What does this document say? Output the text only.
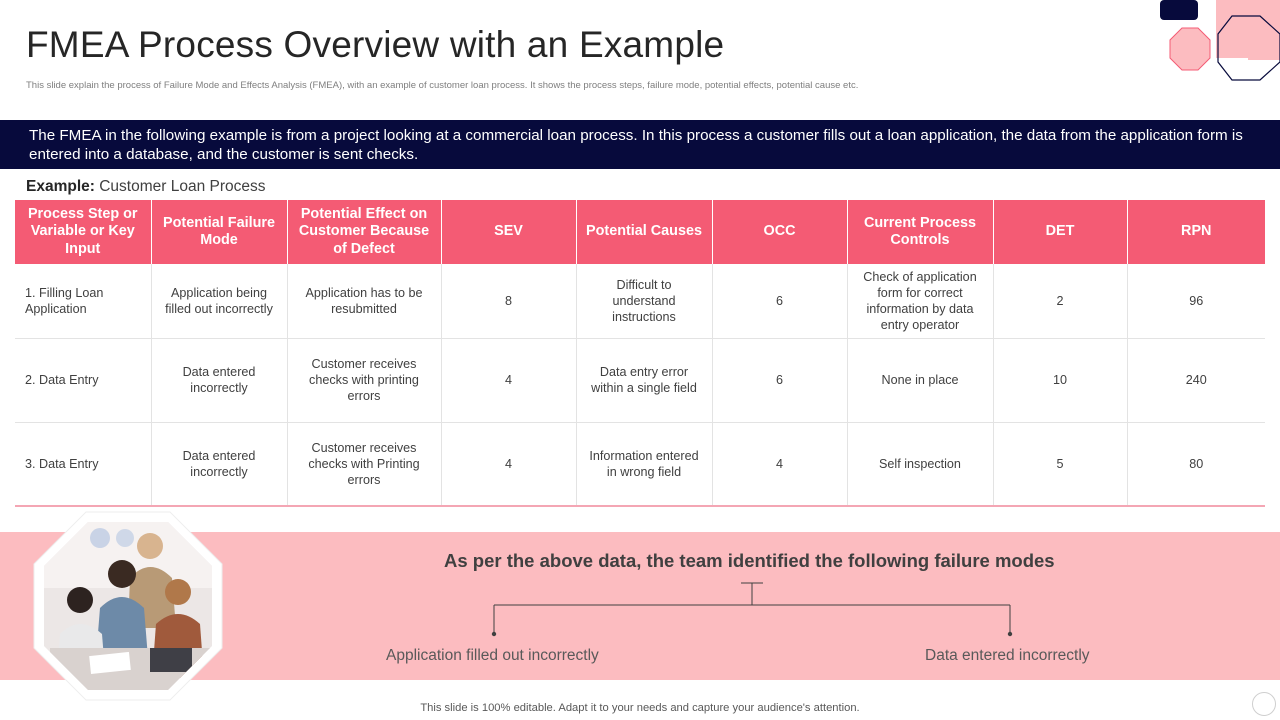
FMEA Process Overview with an Example

This slide explain the process of Failure Mode and Effects Analysis (FMEA), with an example of customer loan process. It shows the process steps, failure mode, potential effects, potential cause etc.

The FMEA in the following example is from a project looking at a commercial loan process. In this process a customer fills out a loan application, the data from the application form is entered into a database, and the customer is sent checks.
Example: Customer Loan Process
Process Step or Variable or Key Input	Potential Failure Mode	Potential Effect on Customer Because of Defect	SEV	Potential Causes	OCC	Current Process Controls	DET	RPN
1. Filling Loan Application	Application being filled out incorrectly	Application has to be resubmitted	8	Difficult to understand instructions	6	Check of application form for correct information by data entry operator	2	96
2. Data Entry	Data entered incorrectly	Customer receives checks with printing errors	4	Data entry error within a single field	6	None in place	10	240
3. Data Entry	Data entered incorrectly	Customer receives checks with Printing errors	4	Information entered in wrong field	4	Self inspection	5	80
As per the above data, the team identified the following failure modes
Application filled out incorrectly	Data entered incorrectly
This slide is 100% editable. Adapt it to your needs and capture your audience's attention.
